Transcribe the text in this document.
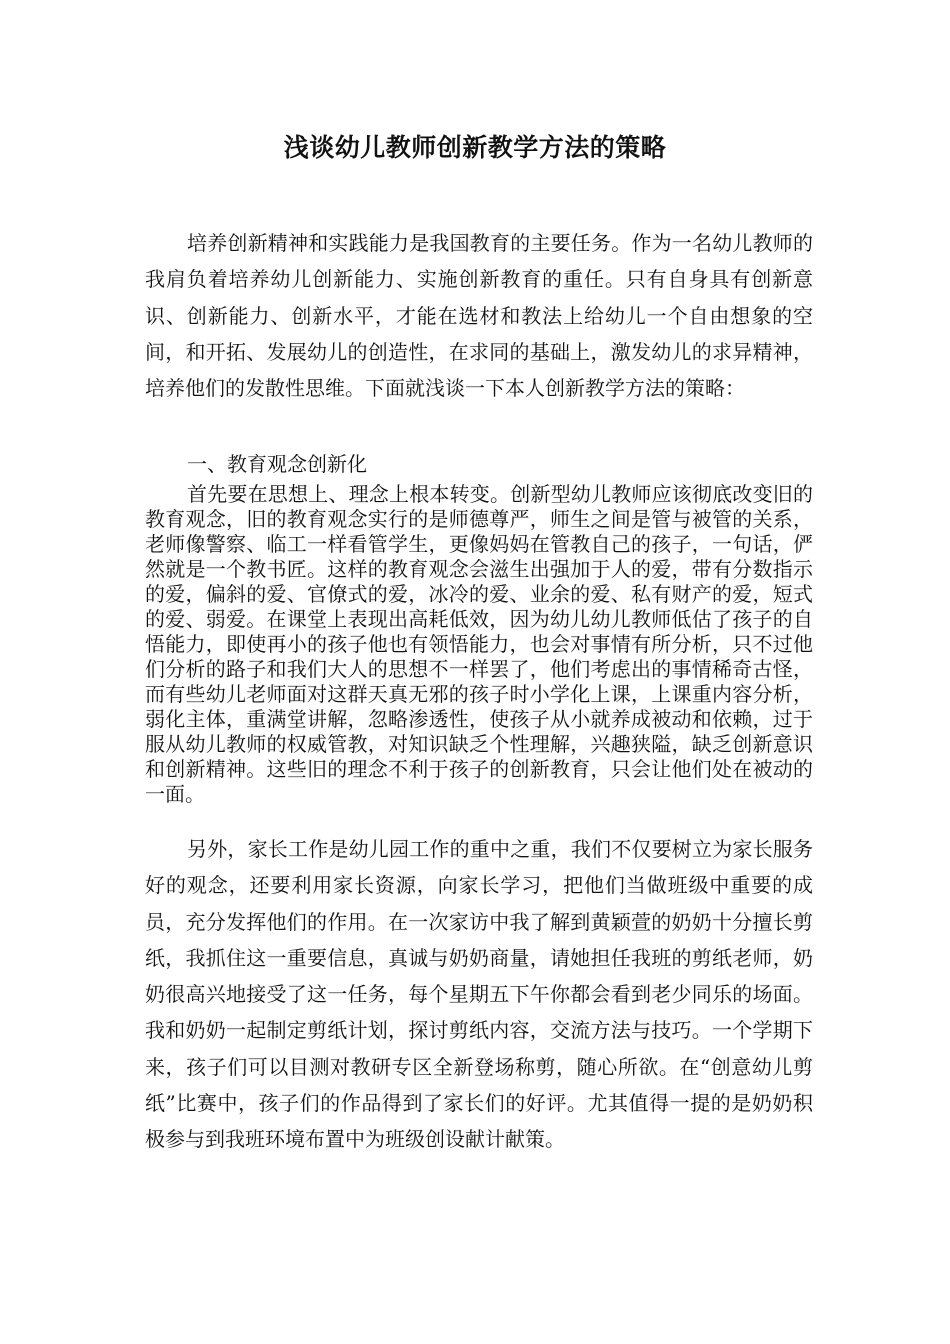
浅谈幼儿教师创新教学方法的策略

培养创新精神和实践能力是我国教育的主要任务。作为一名幼儿教师的我肩负着培养幼儿创新能力、实施创新教育的重任。只有自身具有创新意识、创新能力、创新水平，才能在选材和教法上给幼儿一个自由想象的空间，和开拓、发展幼儿的创造性，在求同的基础上，激发幼儿的求异精神，培养他们的发散性思维。下面就浅谈一下本人创新教学方法的策略：

一、教育观念创新化

首先要在思想上、理念上根本转变。创新型幼儿教师应该彻底改变旧的教育观念，旧的教育观念实行的是师德尊严，师生之间是管与被管的关系，老师像警察、临工一样看管学生，更像妈妈在管教自己的孩子，一句话，俨然就是一个教书匠。这样的教育观念会滋生出强加于人的爱，带有分数指示的爱，偏斜的爱、官僚式的爱，冰冷的爱、业余的爱、私有财产的爱，短式的爱、弱爱。在课堂上表现出高耗低效，因为幼儿幼儿教师低估了孩子的自悟能力，即使再小的孩子他也有领悟能力，也会对事情有所分析，只不过他们分析的路子和我们大人的思想不一样罢了，他们考虑出的事情稀奇古怪，而有些幼儿老师面对这群天真无邪的孩子时小学化上课，上课重内容分析，弱化主体，重满堂讲解，忽略渗透性，使孩子从小就养成被动和依赖，过于服从幼儿教师的权威管教，对知识缺乏个性理解，兴趣狭隘，缺乏创新意识和创新精神。这些旧的理念不利于孩子的创新教育，只会让他们处在被动的一面。

另外，家长工作是幼儿园工作的重中之重，我们不仅要树立为家长服务好的观念，还要利用家长资源，向家长学习，把他们当做班级中重要的成员，充分发挥他们的作用。在一次家访中我了解到黄颖萱的奶奶十分擅长剪纸，我抓住这一重要信息，真诚与奶奶商量，请她担任我班的剪纸老师，奶奶很高兴地接受了这一任务，每个星期五下午你都会看到老少同乐的场面。我和奶奶一起制定剪纸计划，探讨剪纸内容，交流方法与技巧。一个学期下来，孩子们可以目测对教研专区全新登场称剪，随心所欲。在“创意幼儿剪纸”比赛中，孩子们的作品得到了家长们的好评。尤其值得一提的是奶奶积极参与到我班环境布置中为班级创设献计献策。
